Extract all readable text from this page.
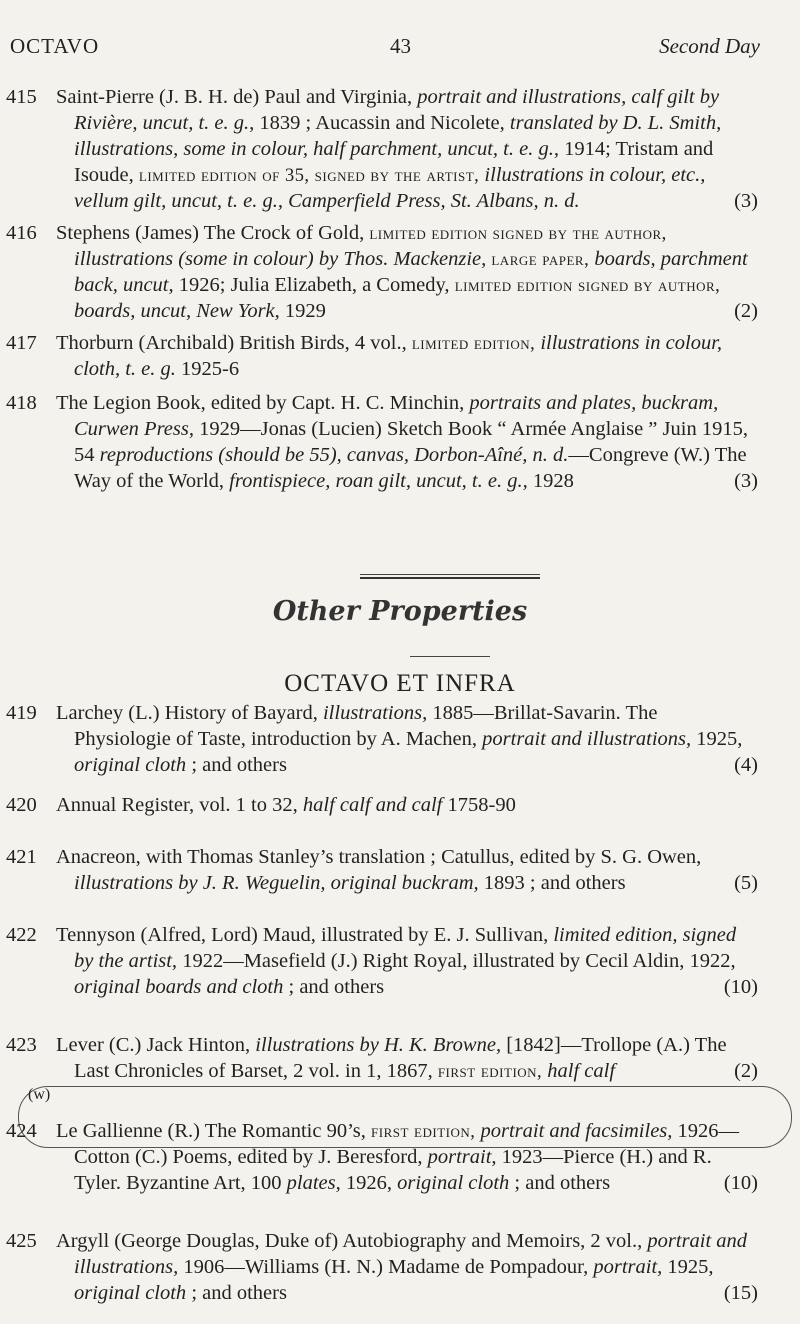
OCTAVO	43	Second Day
415 Saint-Pierre (J. B. H. de) Paul and Virginia, portrait and illustrations, calf gilt by Rivière, uncut, t. e. g., 1839 ; Aucassin and Nicolete, translated by D. L. Smith, illustrations, some in colour, half parchment, uncut, t. e. g., 1914; Tristam and Isoude, limited edition of 35, signed by the artist, illustrations in colour, etc., vellum gilt, uncut, t. e. g., Camperfield Press, St. Albans, n. d.	(3)
416 Stephens (James) The Crock of Gold, limited edition signed by the author, illustrations (some in colour) by Thos. Mackenzie, large paper, boards, parchment back, uncut, 1926; Julia Elizabeth, a Comedy, limited edition signed by author, boards, uncut, New York, 1929	(2)
417 Thorburn (Archibald) British Birds, 4 vol., limited edition, illustrations in colour, cloth, t. e. g. 1925-6
418 The Legion Book, edited by Capt. H. C. Minchin, portraits and plates, buckram, Curwen Press, 1929—Jonas (Lucien) Sketch Book “ Armée Anglaise ” Juin 1915, 54 reproductions (should be 55), canvas, Dorbon-Aîné, n. d.—Congreve (W.) The Way of the World, frontispiece, roan gilt, uncut, t. e. g., 1928	(3)
Other Properties
OCTAVO ET INFRA
(w)
419 Larchey (L.) History of Bayard, illustrations, 1885—Brillat-Savarin. The Physiologie of Taste, introduction by A. Machen, portrait and illustrations, 1925, original cloth ; and others	(4)
420 Annual Register, vol. 1 to 32, half calf and calf 1758-90
421 Anacreon, with Thomas Stanley’s translation ; Catullus, edited by S. G. Owen, illustrations by J. R. Weguelin, original buckram, 1893 ; and others	(5)
422 Tennyson (Alfred, Lord) Maud, illustrated by E. J. Sullivan, limited edition, signed by the artist, 1922—Masefield (J.) Right Royal, illustrated by Cecil Aldin, 1922, original boards and cloth ; and others	(10)
423 Lever (C.) Jack Hinton, illustrations by H. K. Browne, [1842]—Trollope (A.) The Last Chronicles of Barset, 2 vol. in 1, 1867, first edition, half calf	(2)
424 Le Gallienne (R.) The Romantic 90’s, first edition, portrait and facsimiles, 1926—Cotton (C.) Poems, edited by J. Beresford, portrait, 1923—Pierce (H.) and R. Tyler. Byzantine Art, 100 plates, 1926, original cloth ; and others	(10)
425 Argyll (George Douglas, Duke of) Autobiography and Memoirs, 2 vol., portrait and illustrations, 1906—Williams (H. N.) Madame de Pompadour, portrait, 1925, original cloth ; and others	(15)
